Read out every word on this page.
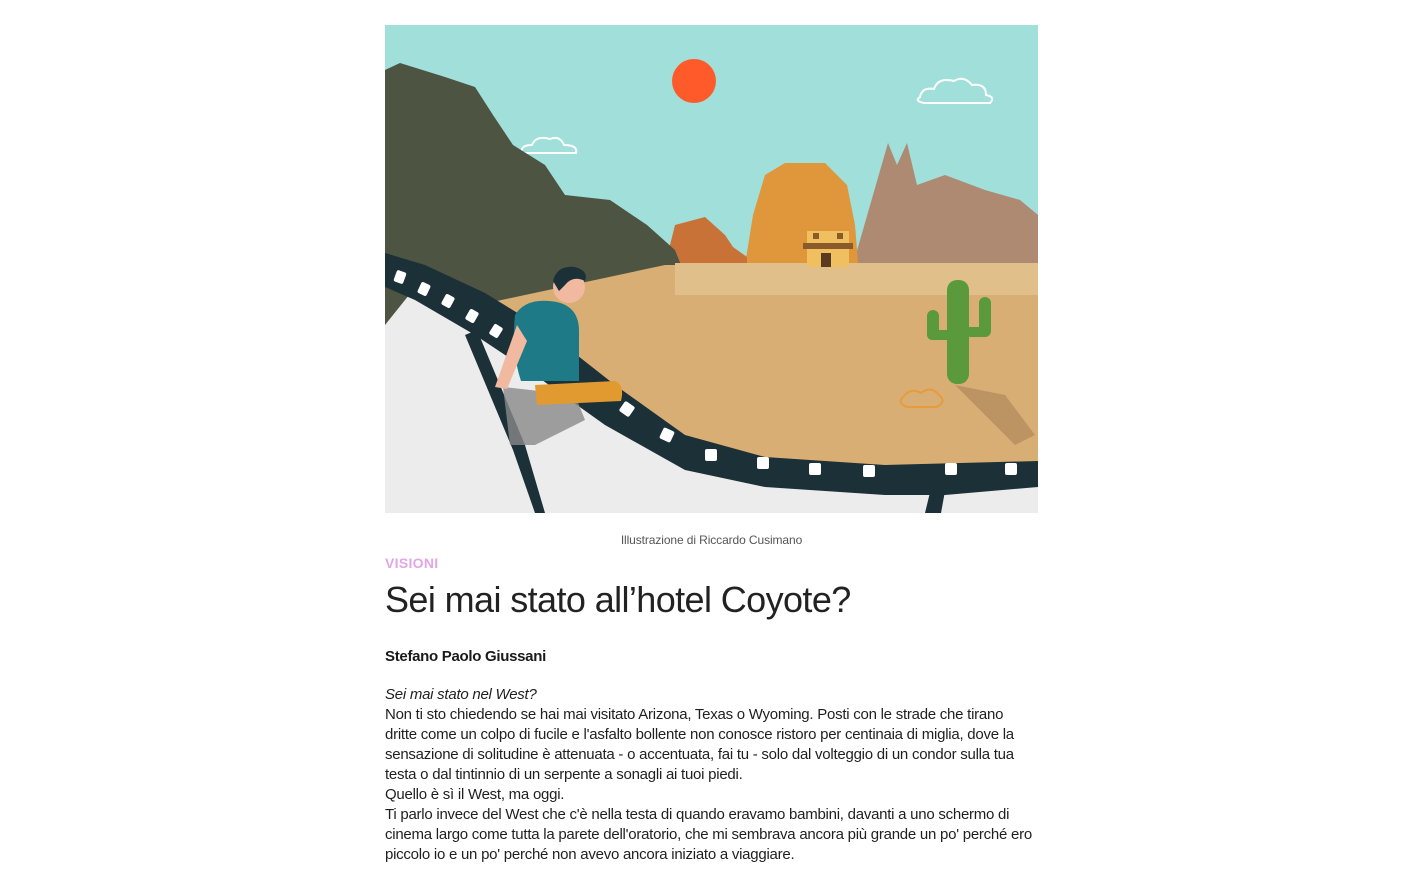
Illustrazione di Riccardo Cusimano
VISIONI
Sei mai stato all’hotel Coyote?
Stefano Paolo Giussani

Sei mai stato nel West?

Non ti sto chiedendo se hai mai visitato Arizona, Texas o Wyoming. Posti con le strade che tirano dritte come un colpo di fucile e l'asfalto bollente non conosce ristoro per centinaia di miglia, dove la sensazione di solitudine è attenuata - o accentuata, fai tu - solo dal volteggio di un condor sulla tua testa o dal tintinnio di un serpente a sonagli ai tuoi piedi.

Quello è sì il West, ma oggi.

Ti parlo invece del West che c'è nella testa di quando eravamo bambini, davanti a uno schermo di cinema largo come tutta la parete dell'oratorio, che mi sembrava ancora più grande un po' perché ero piccolo io e un po' perché non avevo ancora iniziato a viaggiare.
